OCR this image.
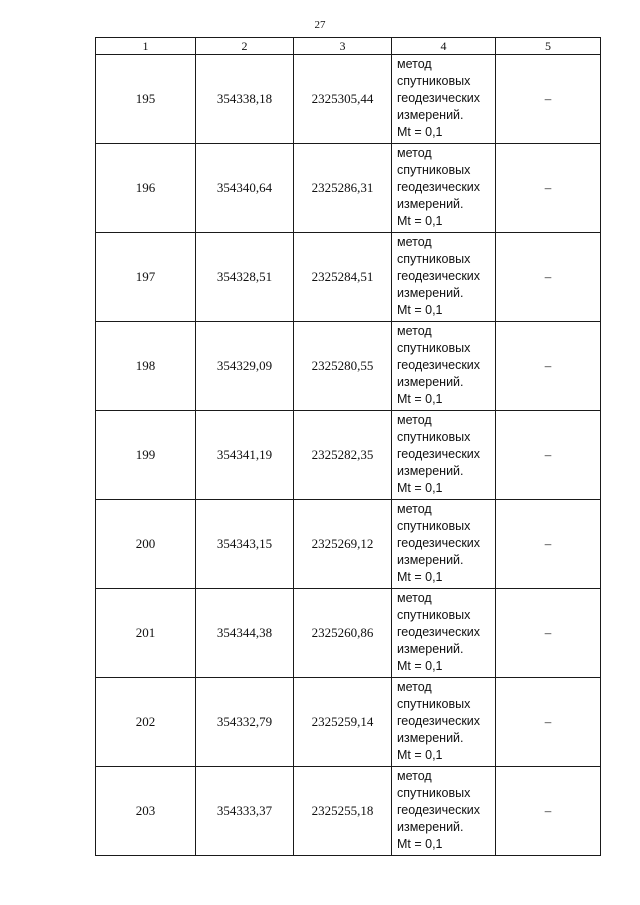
27
1	2	3	4	5
195	354338,18	2325305,44	метод
спутниковых
геодезических
измерений.
Mt = 0,1	–
196	354340,64	2325286,31	метод
спутниковых
геодезических
измерений.
Mt = 0,1	–
197	354328,51	2325284,51	метод
спутниковых
геодезических
измерений.
Mt = 0,1	–
198	354329,09	2325280,55	метод
спутниковых
геодезических
измерений.
Mt = 0,1	–
199	354341,19	2325282,35	метод
спутниковых
геодезических
измерений.
Mt = 0,1	–
200	354343,15	2325269,12	метод
спутниковых
геодезических
измерений.
Mt = 0,1	–
201	354344,38	2325260,86	метод
спутниковых
геодезических
измерений.
Mt = 0,1	–
202	354332,79	2325259,14	метод
спутниковых
геодезических
измерений.
Mt = 0,1	–
203	354333,37	2325255,18	метод
спутниковых
геодезических
измерений.
Mt = 0,1	–
